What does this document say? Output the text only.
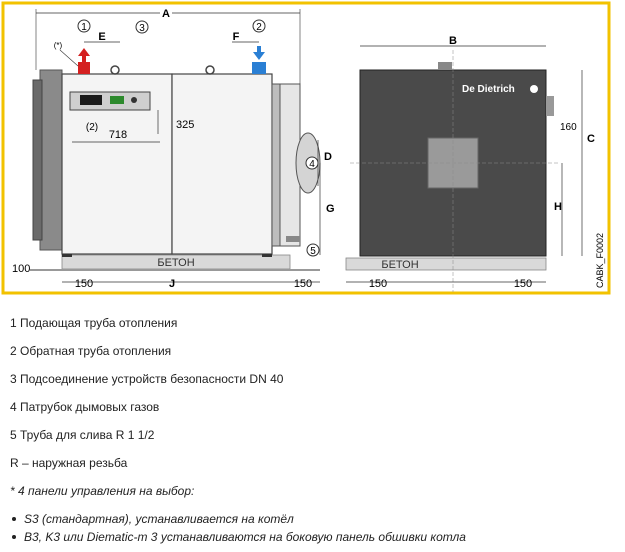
БЕТОН
A
1	3	2
(*)
E	F
(2)
718
325
D
4
G
5
100
150	J	150
БЕТОН
De Dietrich
B
C
160
H
150	150	CABK_F0002
1 Подающая труба отопления
2 Обратная труба отопления
3 Подсоединение устройств безопасности DN 40
4 Патрубок дымовых газов
5 Труба для слива R 1 1/2
R – наружная резьба
* 4 панели управления на выбор:
S3 (стандартная), устанавливается на котёл
B3, K3 или Diematic-m 3 устанавливаются на боковую панель обшивки котла
